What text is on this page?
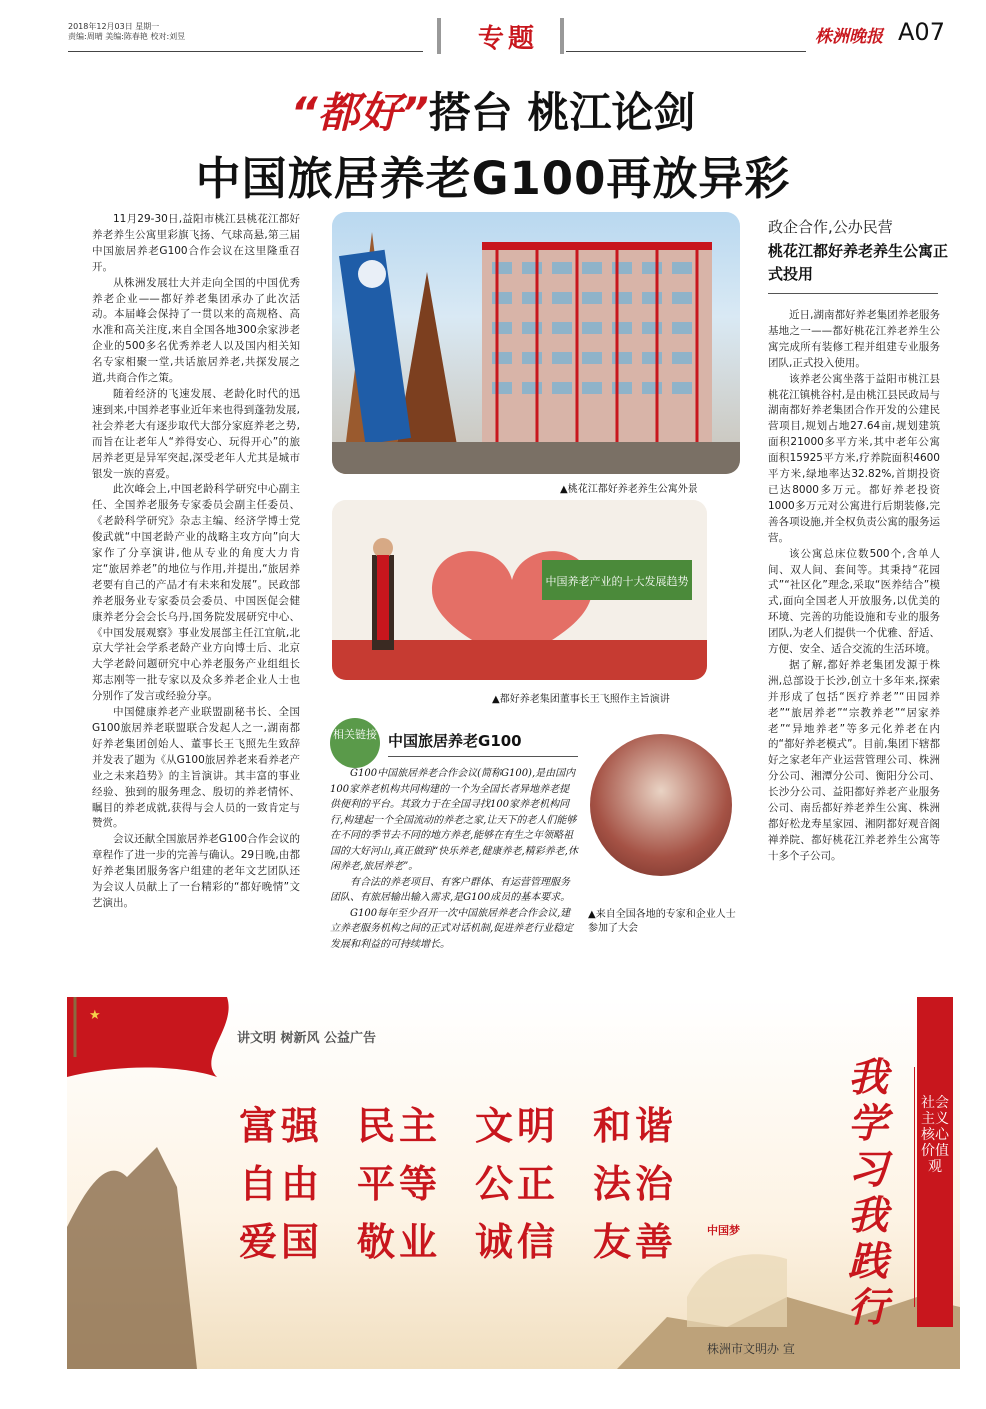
2018年12月03日 星期一
责编:周晴 美编:陈春艳 校对:刘昱	专题	株洲晚报 A07
“都好”搭台 桃江论剑
中国旅居养老G100再放异彩

11月29-30日,益阳市桃江县桃花江都好养老养生公寓里彩旗飞扬、气球高悬,第三届中国旅居养老G100合作会议在这里隆重召开。

从株洲发展壮大并走向全国的中国优秀养老企业——都好养老集团承办了此次活动。本届峰会保持了一贯以来的高规格、高水准和高关注度,来自全国各地300余家涉老企业的500多名优秀养老人以及国内相关知名专家相聚一堂,共话旅居养老,共探发展之道,共商合作之策。

随着经济的飞速发展、老龄化时代的迅速到来,中国养老事业近年来也得到蓬勃发展,社会养老大有逐步取代大部分家庭养老之势,而旨在让老年人“养得安心、玩得开心”的旅居养老更是异军突起,深受老年人尤其是城市银发一族的喜爱。

此次峰会上,中国老龄科学研究中心副主任、全国养老服务专家委员会副主任委员、《老龄科学研究》杂志主编、经济学博士党俊武就“中国老龄产业的战略主攻方向”向大家作了分享演讲,他从专业的角度大力肯定“旅居养老”的地位与作用,并提出,“旅居养老要有自己的产品才有未来和发展”。民政部养老服务业专家委员会委员、中国医促会健康养老分会会长乌丹,国务院发展研究中心、《中国发展观察》事业发展部主任江宜航,北京大学社会学系老龄产业方向博士后、北京大学老龄问题研究中心养老服务产业组组长郑志刚等一批专家以及众多养老企业人士也分别作了发言或经验分享。

中国健康养老产业联盟副秘书长、全国G100旅居养老联盟联合发起人之一,湖南都好养老集团创始人、董事长王飞照先生致辞并发表了题为《从G100旅居养老来看养老产业之未来趋势》的主旨演讲。其丰富的事业经验、独到的服务理念、殷切的养老情怀、瞩目的养老成就,获得与会人员的一致肯定与赞赏。

会议还献全国旅居养老G100合作会议的章程作了进一步的完善与确认。29日晚,由都好养老集团服务客户组建的老年文艺团队还为会议人员献上了一台精彩的“都好晚情”文艺演出。

▲桃花江都好养老养生公寓外景
中国养老产业的十大发展趋势
▲都好养老集团董事长王飞照作主旨演讲
相关链接 中国旅居养老G100

G100中国旅居养老合作会议(简称G100),是由国内100家养老机构共同构建的一个为全国长者异地养老提供便利的平台。其致力于在全国寻找100家养老机构同行,构建起一个全国流动的养老之家,让天下的老人们能够在不同的季节去不同的地方养老,能够在有生之年领略祖国的大好河山,真正做到“快乐养老,健康养老,精彩养老,休闲养老,旅居养老”。

有合法的养老项目、有客户群体、有运营管理服务团队、有旅居输出输入需求,是G100成员的基本要求。

G100每年至少召开一次中国旅居养老合作会议,建立养老服务机构之间的正式对话机制,促进养老行业稳定发展和利益的可持续增长。

▲来自全国各地的专家和企业人士参加了大会
政企合作,公办民营
桃花江都好养老养生公寓正式投用

近日,湖南都好养老集团养老服务基地之一——都好桃花江养老养生公寓完成所有装修工程并组建专业服务团队,正式投入使用。

该养老公寓坐落于益阳市桃江县桃花江镇桃谷村,是由桃江县民政局与湖南都好养老集团合作开发的公建民营项目,规划占地27.64亩,规划建筑面积21000多平方米,其中老年公寓面积15925平方米,疗养院面积4600平方米,绿地率达32.82%,首期投资已达8000多万元。都好养老投资1000多万元对公寓进行后期装修,完善各项设施,并全权负责公寓的服务运营。

该公寓总床位数500个,含单人间、双人间、套间等。其秉持“花园式”“社区化”理念,采取“医养结合”模式,面向全国老人开放服务,以优美的环境、完善的功能设施和专业的服务团队,为老人们提供一个优雅、舒适、方便、安全、适合交流的生活环境。

据了解,都好养老集团发源于株洲,总部设于长沙,创立十多年来,探索并形成了包括“医疗养老”“田园养老”“旅居养老”“宗教养老”“居家养老”“异地养老”等多元化养老在内的“都好养老模式”。目前,集团下辖都好之家老年产业运营管理公司、株洲分公司、湘潭分公司、衡阳分公司、长沙分公司、益阳都好养老产业服务公司、南岳都好养老养生公寓、株洲都好松龙寿星家园、湘阴都好观音阁禅养院、都好桃花江养老养生公寓等十多个子公司。

★
讲文明 树新风 公益广告
富强 民主 文明 和谐
自由 平等 公正 法治
爱国 敬业 诚信 友善	中国梦
我学习我践行
社会主义核心价值观
株洲市文明办 宣
